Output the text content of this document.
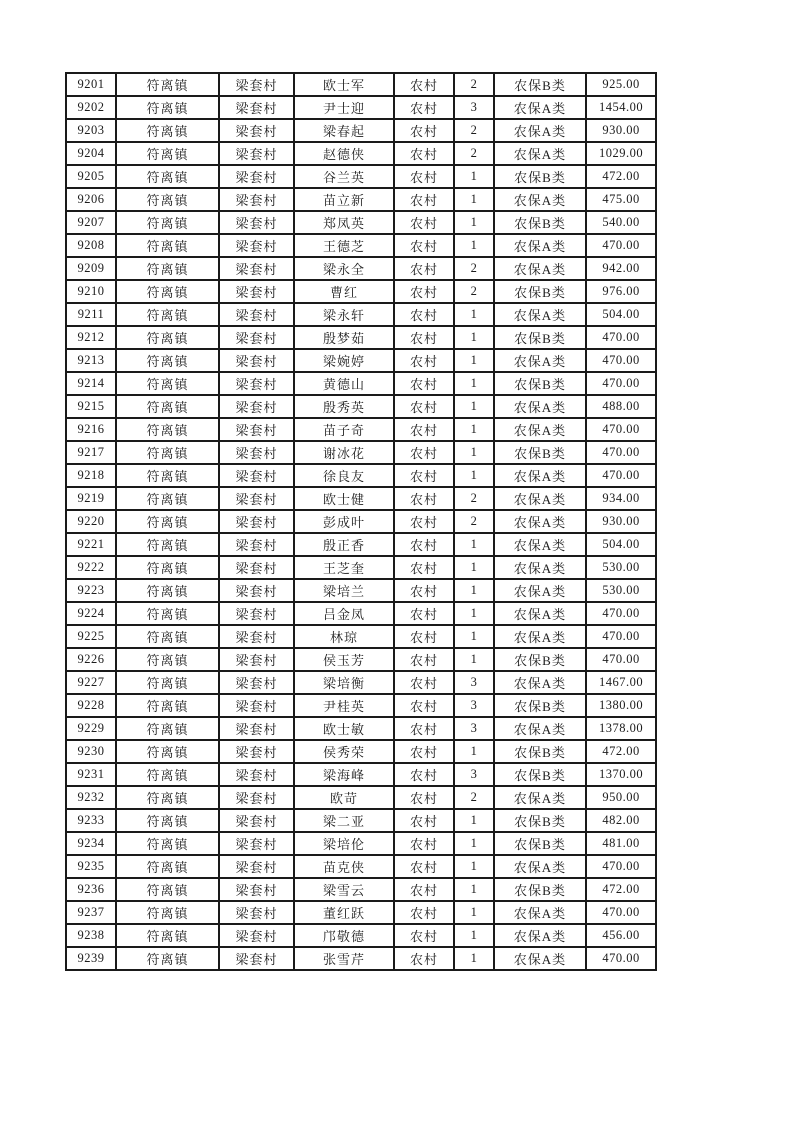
9201	符离镇	梁套村	欧士军	农村	2	农保B类	925.00
9202	符离镇	梁套村	尹士迎	农村	3	农保A类	1454.00
9203	符离镇	梁套村	梁春起	农村	2	农保A类	930.00
9204	符离镇	梁套村	赵德侠	农村	2	农保A类	1029.00
9205	符离镇	梁套村	谷兰英	农村	1	农保B类	472.00
9206	符离镇	梁套村	苗立新	农村	1	农保A类	475.00
9207	符离镇	梁套村	郑凤英	农村	1	农保B类	540.00
9208	符离镇	梁套村	王德芝	农村	1	农保A类	470.00
9209	符离镇	梁套村	梁永全	农村	2	农保A类	942.00
9210	符离镇	梁套村	曹红	农村	2	农保B类	976.00
9211	符离镇	梁套村	梁永轩	农村	1	农保A类	504.00
9212	符离镇	梁套村	殷梦茹	农村	1	农保B类	470.00
9213	符离镇	梁套村	梁婉婷	农村	1	农保A类	470.00
9214	符离镇	梁套村	黄德山	农村	1	农保B类	470.00
9215	符离镇	梁套村	殷秀英	农村	1	农保A类	488.00
9216	符离镇	梁套村	苗子奇	农村	1	农保A类	470.00
9217	符离镇	梁套村	谢冰花	农村	1	农保B类	470.00
9218	符离镇	梁套村	徐良友	农村	1	农保A类	470.00
9219	符离镇	梁套村	欧士健	农村	2	农保A类	934.00
9220	符离镇	梁套村	彭成叶	农村	2	农保A类	930.00
9221	符离镇	梁套村	殷正香	农村	1	农保A类	504.00
9222	符离镇	梁套村	王芝奎	农村	1	农保A类	530.00
9223	符离镇	梁套村	梁培兰	农村	1	农保A类	530.00
9224	符离镇	梁套村	吕金凤	农村	1	农保A类	470.00
9225	符离镇	梁套村	林琼	农村	1	农保A类	470.00
9226	符离镇	梁套村	侯玉芳	农村	1	农保B类	470.00
9227	符离镇	梁套村	梁培衡	农村	3	农保A类	1467.00
9228	符离镇	梁套村	尹桂英	农村	3	农保B类	1380.00
9229	符离镇	梁套村	欧士敏	农村	3	农保A类	1378.00
9230	符离镇	梁套村	侯秀荣	农村	1	农保B类	472.00
9231	符离镇	梁套村	梁海峰	农村	3	农保B类	1370.00
9232	符离镇	梁套村	欧苛	农村	2	农保A类	950.00
9233	符离镇	梁套村	梁二亚	农村	1	农保B类	482.00
9234	符离镇	梁套村	梁培伦	农村	1	农保B类	481.00
9235	符离镇	梁套村	苗克侠	农村	1	农保A类	470.00
9236	符离镇	梁套村	梁雪云	农村	1	农保B类	472.00
9237	符离镇	梁套村	董红跃	农村	1	农保A类	470.00
9238	符离镇	梁套村	邝敬德	农村	1	农保A类	456.00
9239	符离镇	梁套村	张雪芹	农村	1	农保A类	470.00
